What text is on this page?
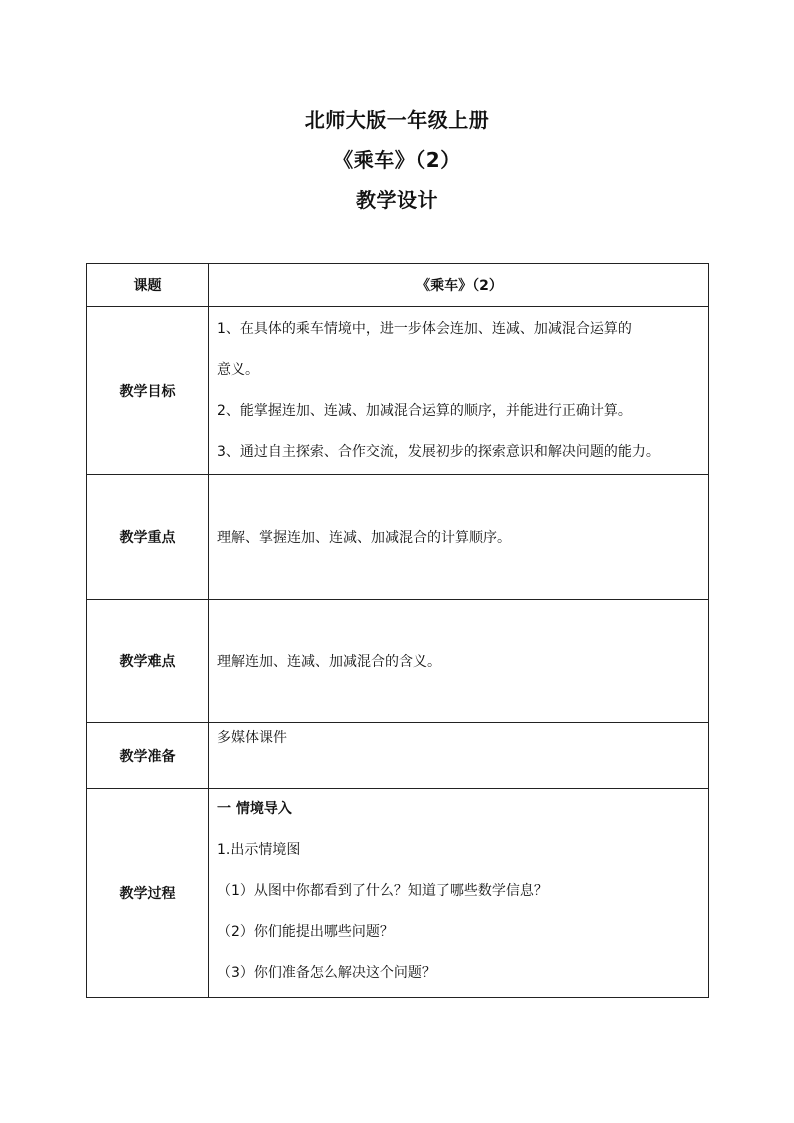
北师大版一年级上册
《乘车》（2）
教学设计
课题	《乘车》（2）
教学目标	1、在具体的乘车情境中，进一步体会连加、连减、加减混合运算的
意义。
2、能掌握连加、连减、加减混合运算的顺序，并能进行正确计算。
3、通过自主探索、合作交流，发展初步的探索意识和解决问题的能力。

教学重点	理解、掌握连加、连减、加减混合的计算顺序。
教学难点	理解连加、连减、加减混合的含义。
教学准备	多媒体课件

教学过程	一 情境导入
1.出示情境图
（1）从图中你都看到了什么？知道了哪些数学信息？
（2）你们能提出哪些问题？
（3）你们准备怎么解决这个问题？
